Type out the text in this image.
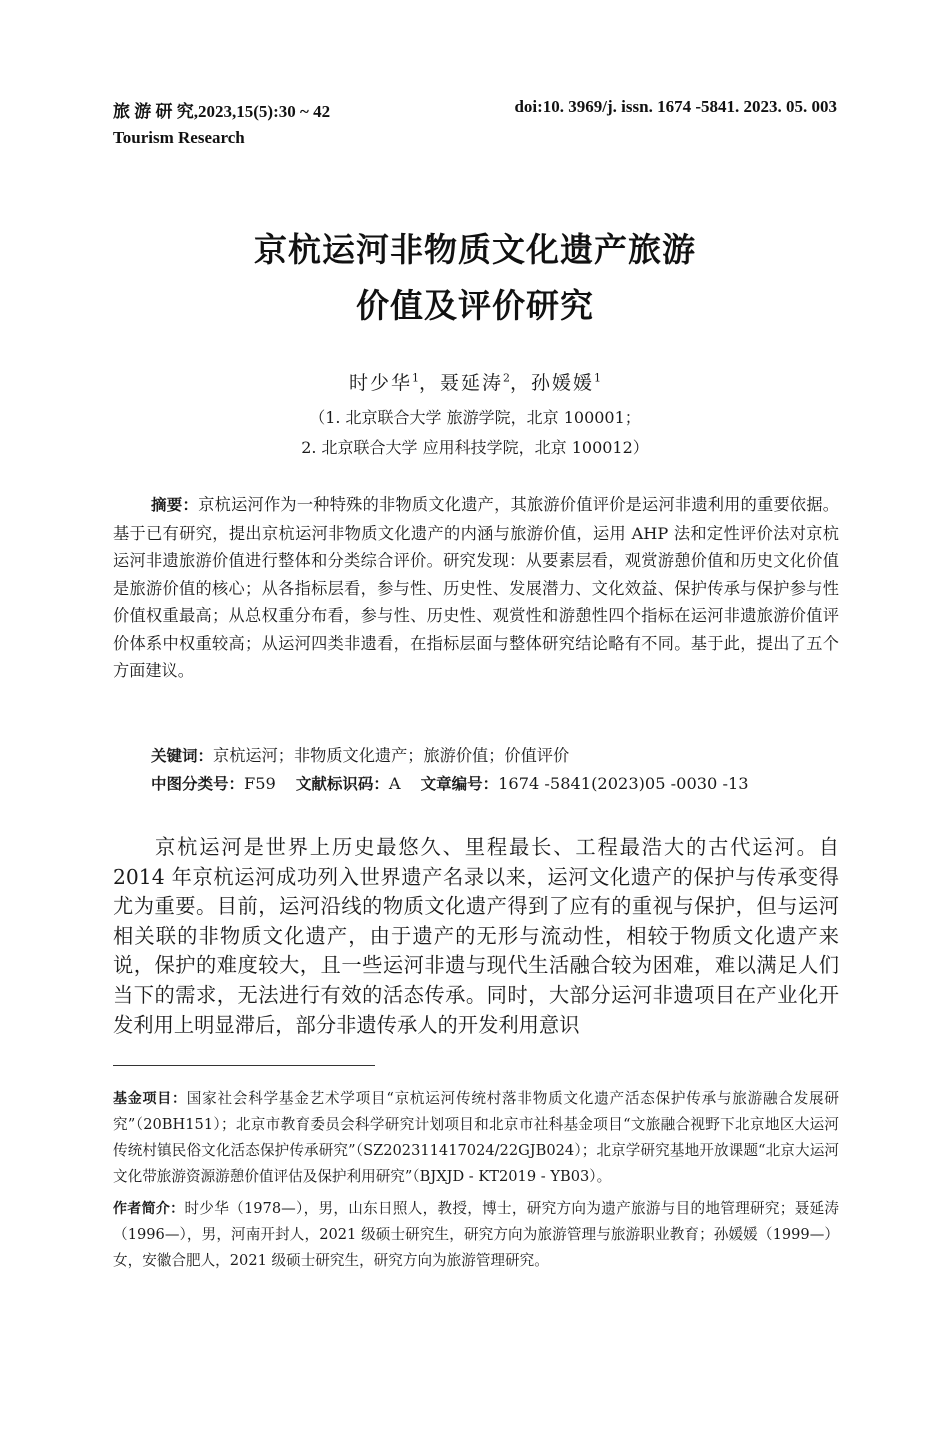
旅 游 研 究,2023,15(5):30 ~ 42	doi:10. 3969/j. issn. 1674 -5841. 2023. 05. 003
Tourism Research
京杭运河非物质文化遗产旅游
价值及评价研究
时少华$^1$，聂延涛$^2$，孙媛媛$^1$
（1. 北京联合大学 旅游学院，北京 100001；
2. 北京联合大学 应用科技学院，北京 100012）

摘要：京杭运河作为一种特殊的非物质文化遗产，其旅游价值评价是运河非遗利用的重要依据。基于已有研究，提出京杭运河非物质文化遗产的内涵与旅游价值，运用 AHP 法和定性评价法对京杭运河非遗旅游价值进行整体和分类综合评价。研究发现：从要素层看，观赏游憩价值和历史文化价值是旅游价值的核心；从各指标层看，参与性、历史性、发展潜力、文化效益、保护传承与保护参与性价值权重最高；从总权重分布看，参与性、历史性、观赏性和游憩性四个指标在运河非遗旅游价值评价体系中权重较高；从运河四类非遗看，在指标层面与整体研究结论略有不同。基于此，提出了五个方面建议。

关键词：京杭运河；非物质文化遗产；旅游价值；价值评价
中图分类号：F59 文献标识码：A 文章编号：1674 -5841(2023)05 -0030 -13

京杭运河是世界上历史最悠久、里程最长、工程最浩大的古代运河。自 2014 年京杭运河成功列入世界遗产名录以来，运河文化遗产的保护与传承变得尤为重要。目前，运河沿线的物质文化遗产得到了应有的重视与保护，但与运河相关联的非物质文化遗产，由于遗产的无形与流动性，相较于物质文化遗产来说，保护的难度较大，且一些运河非遗与现代生活融合较为困难，难以满足人们当下的需求，无法进行有效的活态传承。同时，大部分运河非遗项目在产业化开发利用上明显滞后，部分非遗传承人的开发利用意识

基金项目：国家社会科学基金艺术学项目“京杭运河传统村落非物质文化遗产活态保护传承与旅游融合发展研究”（20BH151）；北京市教育委员会科学研究计划项目和北京市社科基金项目“文旅融合视野下北京地区大运河传统村镇民俗文化活态保护传承研究”（SZ202311417024/22GJB024）；北京学研究基地开放课题“北京大运河文化带旅游资源游憩价值评估及保护利用研究”（BJXJD - KT2019 - YB03）。

作者简介：时少华（1978—），男，山东日照人，教授，博士，研究方向为遗产旅游与目的地管理研究；聂延涛（1996—），男，河南开封人，2021 级硕士研究生，研究方向为旅游管理与旅游职业教育；孙媛媛（1999—）女，安徽合肥人，2021 级硕士研究生，研究方向为旅游管理研究。
